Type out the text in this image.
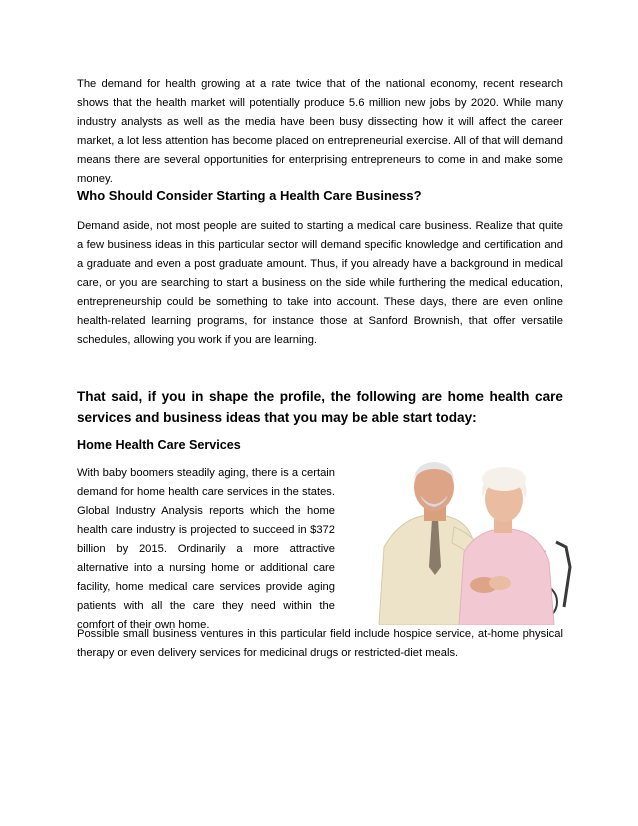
The demand for health growing at a rate twice that of the national economy, recent research shows that the health market will potentially produce 5.6 million new jobs by 2020. While many industry analysts as well as the media have been busy dissecting how it will affect the career market, a lot less attention has become placed on entrepreneurial exercise. All of that will demand means there are several opportunities for enterprising entrepreneurs to come in and make some money.

Who Should Consider Starting a Health Care Business?

Demand aside, not most people are suited to starting a medical care business. Realize that quite a few business ideas in this particular sector will demand specific knowledge and certification and a graduate and even a post graduate amount. Thus, if you already have a background in medical care, or you are searching to start a business on the side while furthering the medical education, entrepreneurship could be something to take into account. These days, there are even online health-related learning programs, for instance those at Sanford Brownish, that offer versatile schedules, allowing you work if you are learning.

That said, if you in shape the profile, the following are home health care services and business ideas that you may be able start today:
Home Health Care Services

With baby boomers steadily aging, there is a certain demand for home health care services in the states. Global Industry Analysis reports which the home health care industry is projected to succeed in $372 billion by 2015. Ordinarily a more attractive alternative into a nursing home or additional care facility, home medical care services provide aging patients with all the care they need within the comfort of their own home.

Possible small business ventures in this particular field include hospice service, at-home physical therapy or even delivery services for medicinal drugs or restricted-diet meals.
